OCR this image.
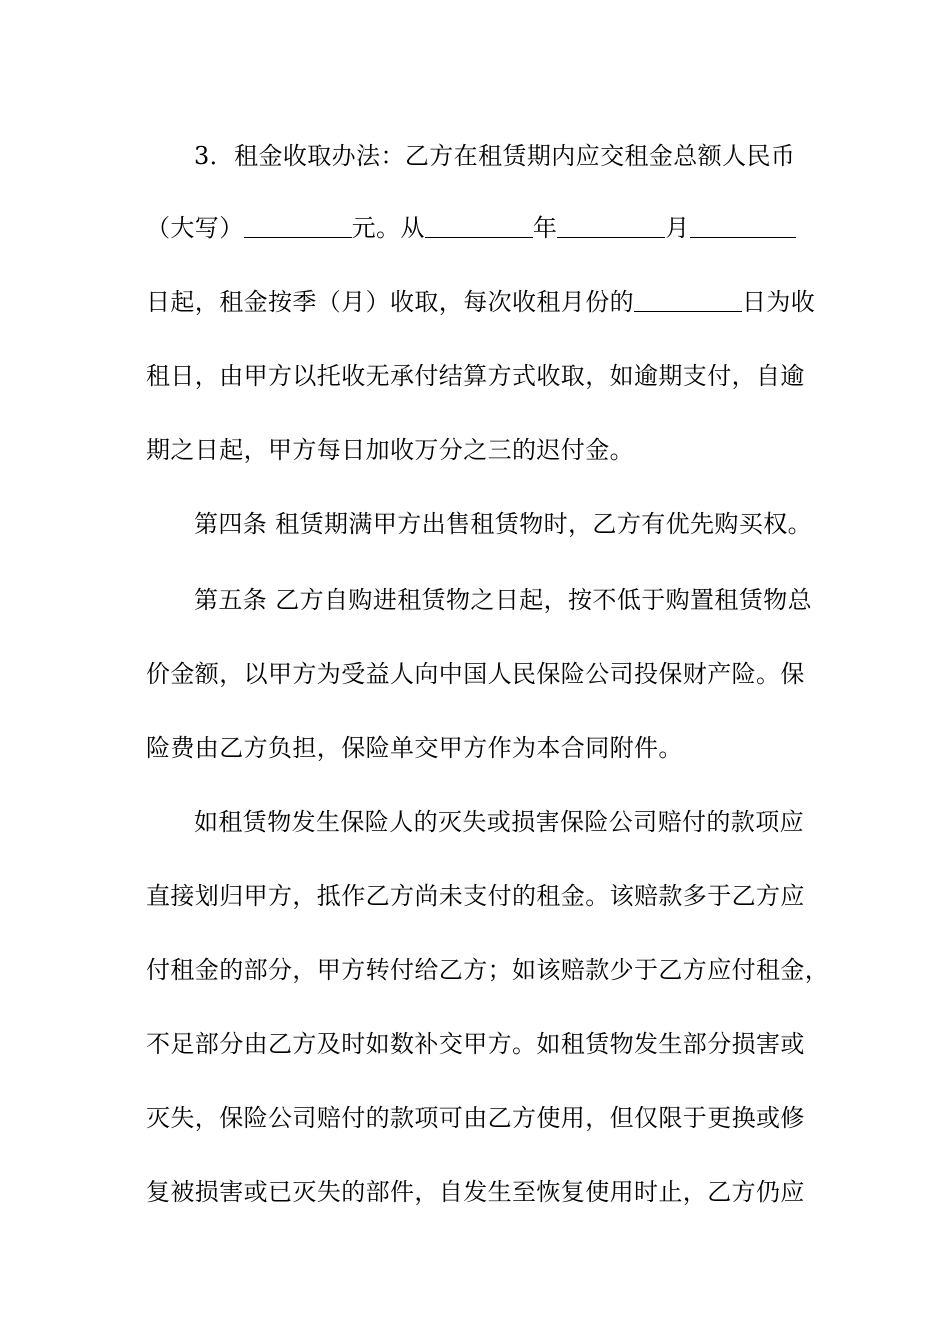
3．租金收取办法：乙方在租赁期内应交租金总额人民币
（大写）	元。从	年	月
日起，租金按季（月）收取，每次收租月份的	日为收
租日，由甲方以托收无承付结算方式收取，如逾期支付，自逾
期之日起，甲方每日加收万分之三的迟付金。
第四条 租赁期满甲方出售租赁物时，乙方有优先购买权。
第五条 乙方自购进租赁物之日起，按不低于购置租赁物总
价金额，以甲方为受益人向中国人民保险公司投保财产险。保
险费由乙方负担，保险单交甲方作为本合同附件。
如租赁物发生保险人的灭失或损害保险公司赔付的款项应
直接划归甲方，抵作乙方尚未支付的租金。该赔款多于乙方应
付租金的部分，甲方转付给乙方；如该赔款少于乙方应付租金，
不足部分由乙方及时如数补交甲方。如租赁物发生部分损害或
灭失，保险公司赔付的款项可由乙方使用，但仅限于更换或修
复被损害或已灭失的部件，自发生至恢复使用时止，乙方仍应
